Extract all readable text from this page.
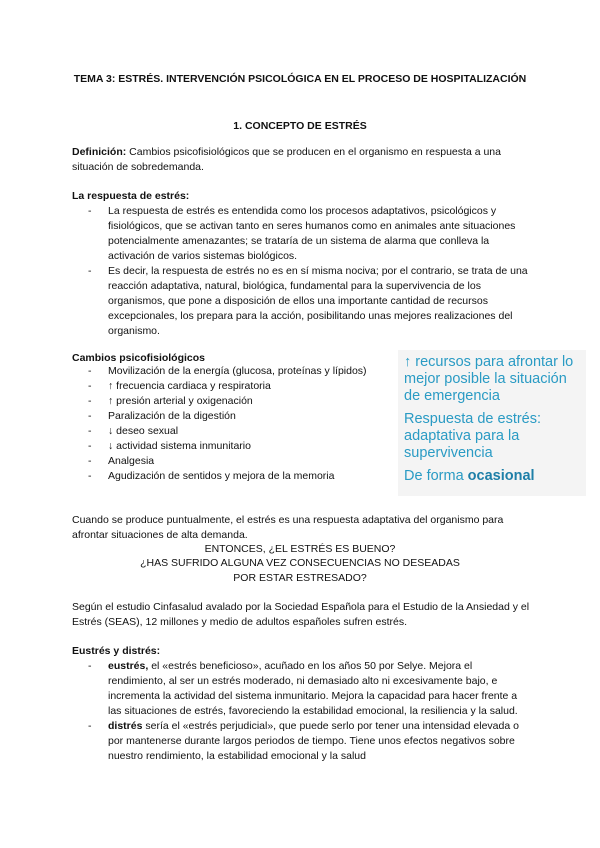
TEMA 3: ESTRÉS. INTERVENCIÓN PSICOLÓGICA EN EL PROCESO DE HOSPITALIZACIÓN
1. CONCEPTO DE ESTRÉS
Definición: Cambios psicofisiológicos que se producen en el organismo en respuesta a una situación de sobredemanda.
La respuesta de estrés:
- La respuesta de estrés es entendida como los procesos adaptativos, psicológicos y fisiológicos, que se activan tanto en seres humanos como en animales ante situaciones potencialmente amenazantes; se trataría de un sistema de alarma que conlleva la activación de varios sistemas biológicos.
- Es decir, la respuesta de estrés no es en sí misma nociva; por el contrario, se trata de una reacción adaptativa, natural, biológica, fundamental para la supervivencia de los organismos, que pone a disposición de ellos una importante cantidad de recursos excepcionales, los prepara para la acción, posibilitando unas mejores realizaciones del organismo.
Cambios psicofisiológicos
- Movilización de la energía (glucosa, proteínas y lípidos)
- ↑ frecuencia cardiaca y respiratoria
- ↑ presión arterial y oxigenación
- Paralización de la digestión
- ↓ deseo sexual
- ↓ actividad sistema inmunitario
- Analgesia
- Agudización de sentidos y mejora de la memoria

↑ recursos para afrontar lo mejor posible la situación de emergencia

Respuesta de estrés: adaptativa para la supervivencia

De forma ocasional

Cuando se produce puntualmente, el estrés es una respuesta adaptativa del organismo para afrontar situaciones de alta demanda.
ENTONCES, ¿EL ESTRÉS ES BUENO?
¿HAS SUFRIDO ALGUNA VEZ CONSECUENCIAS NO DESEADAS POR ESTAR ESTRESADO?
Según el estudio Cinfasalud avalado por la Sociedad Española para el Estudio de la Ansiedad y el Estrés (SEAS), 12 millones y medio de adultos españoles sufren estrés.
Eustrés y distrés:
- eustrés, el «estrés beneficioso», acuñado en los años 50 por Selye. Mejora el rendimiento, al ser un estrés moderado, ni demasiado alto ni excesivamente bajo, e incrementa la actividad del sistema inmunitario. Mejora la capacidad para hacer frente a las situaciones de estrés, favoreciendo la estabilidad emocional, la resiliencia y la salud.
- distrés sería el «estrés perjudicial», que puede serlo por tener una intensidad elevada o por mantenerse durante largos periodos de tiempo. Tiene unos efectos negativos sobre nuestro rendimiento, la estabilidad emocional y la salud
